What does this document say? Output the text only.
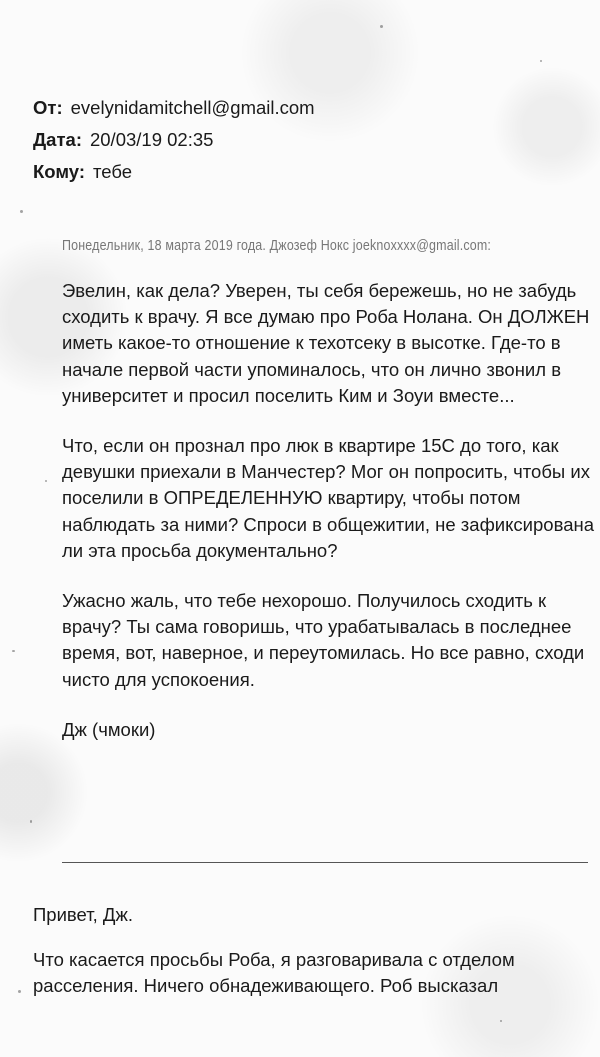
От: evelynidamitchell@gmail.com
Дата: 20/03/19 02:35
Кому: тебе
Понедельник, 18 марта 2019 года. Джозеф Нокс joeknoxxxx@gmail.com:

Эвелин, как дела? Уверен, ты себя бережешь, но не забудь сходить к врачу. Я все думаю про Роба Нолана. Он ДОЛЖЕН иметь какое-то отношение к техотсеку в высотке. Где-то в начале первой части упоминалось, что он лично звонил в университет и просил поселить Ким и Зоуи вместе...

Что, если он прознал про люк в квартире 15С до того, как девушки приехали в Манчестер? Мог он попросить, чтобы их поселили в ОПРЕДЕЛЕННУЮ квартиру, чтобы потом наблюдать за ними? Спроси в общежитии, не зафиксирована ли эта просьба документально?

Ужасно жаль, что тебе нехорошо. Получилось сходить к врачу? Ты сама говоришь, что урабатывалась в последнее время, вот, наверное, и переутомилась. Но все равно, сходи чисто для успокоения.

Дж (чмоки)

Привет, Дж.

Что касается просьбы Роба, я разговаривала с отделом расселения. Ничего обнадеживающего. Роб высказал
